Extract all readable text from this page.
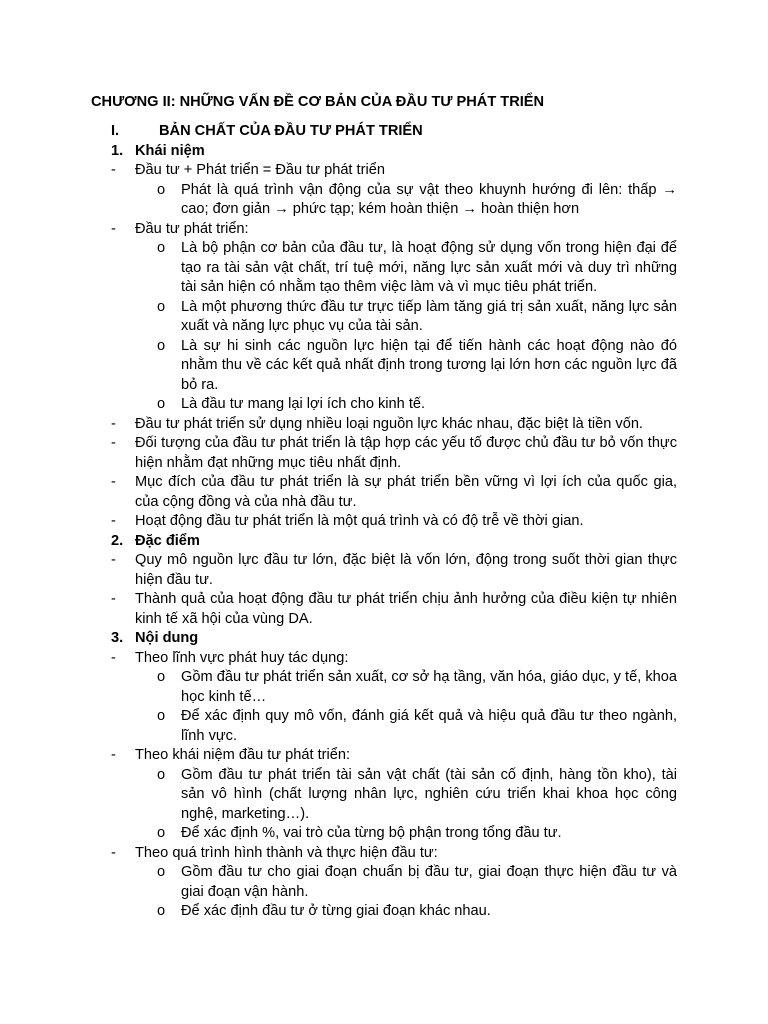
CHƯƠNG II: NHỮNG VẤN ĐỀ CƠ BẢN CỦA ĐẦU TƯ PHÁT TRIỂN
I.	BẢN CHẤT CỦA ĐẦU TƯ PHÁT TRIỂN
1. Khái niệm
-	Đầu tư + Phát triển = Đầu tư phát triển
o	Phát là quá trình vận động của sự vật theo khuynh hướng đi lên: thấp → cao; đơn giản → phức tạp; kém hoàn thiện → hoàn thiện hơn
-	Đầu tư phát triển:
o	Là bộ phận cơ bản của đầu tư, là hoạt động sử dụng vốn trong hiện đại để tạo ra tài sản vật chất, trí tuệ mới, năng lực sản xuất mới và duy trì những tài sản hiện có nhằm tạo thêm việc làm và vì mục tiêu phát triển.
o	Là một phương thức đầu tư trực tiếp làm tăng giá trị sản xuất, năng lực sản xuất và năng lực phục vụ của tài sản.
o	Là sự hi sinh các nguồn lực hiện tại để tiến hành các hoạt động nào đó nhằm thu về các kết quả nhất định trong tương lại lớn hơn các nguồn lực đã bỏ ra.
o	Là đầu tư mang lại lợi ích cho kinh tế.
-	Đầu tư phát triển sử dụng nhiều loại nguồn lực khác nhau, đặc biệt là tiền vốn.
-	Đối tượng của đầu tư phát triển là tập hợp các yếu tố được chủ đầu tư bỏ vốn thực hiện nhằm đạt những mục tiêu nhất định.
-	Mục đích của đầu tư phát triển là sự phát triển bền vững vì lợi ích của quốc gia, của cộng đồng và của nhà đầu tư.
-	Hoạt động đầu tư phát triển là một quá trình và có độ trễ về thời gian.
2. Đặc điểm
-	Quy mô nguồn lực đầu tư lớn, đặc biệt là vốn lớn, động trong suốt thời gian thực hiện đầu tư.
-	Thành quả của hoạt động đầu tư phát triển chịu ảnh hưởng của điều kiện tự nhiên kinh tế xã hội của vùng DA.
3. Nội dung
-	Theo lĩnh vực phát huy tác dụng:
o	Gồm đầu tư phát triển sản xuất, cơ sở hạ tầng, văn hóa, giáo dục, y tế, khoa học kinh tế…
o	Để xác định quy mô vốn, đánh giá kết quả và hiệu quả đầu tư theo ngành, lĩnh vực.
-	Theo khái niệm đầu tư phát triển:
o	Gồm đầu tư phát triển tài sản vật chất (tài sản cố định, hàng tồn kho), tài sản vô hình (chất lượng nhân lực, nghiên cứu triển khai khoa học công nghệ, marketing…).
o	Để xác định %, vai trò của từng bộ phận trong tổng đầu tư.
-	Theo quá trình hình thành và thực hiện đầu tư:
o	Gồm đầu tư cho giai đoạn chuẩn bị đầu tư, giai đoạn thực hiện đầu tư và giai đoạn vận hành.
o	Để xác định đầu tư ở từng giai đoạn khác nhau.
